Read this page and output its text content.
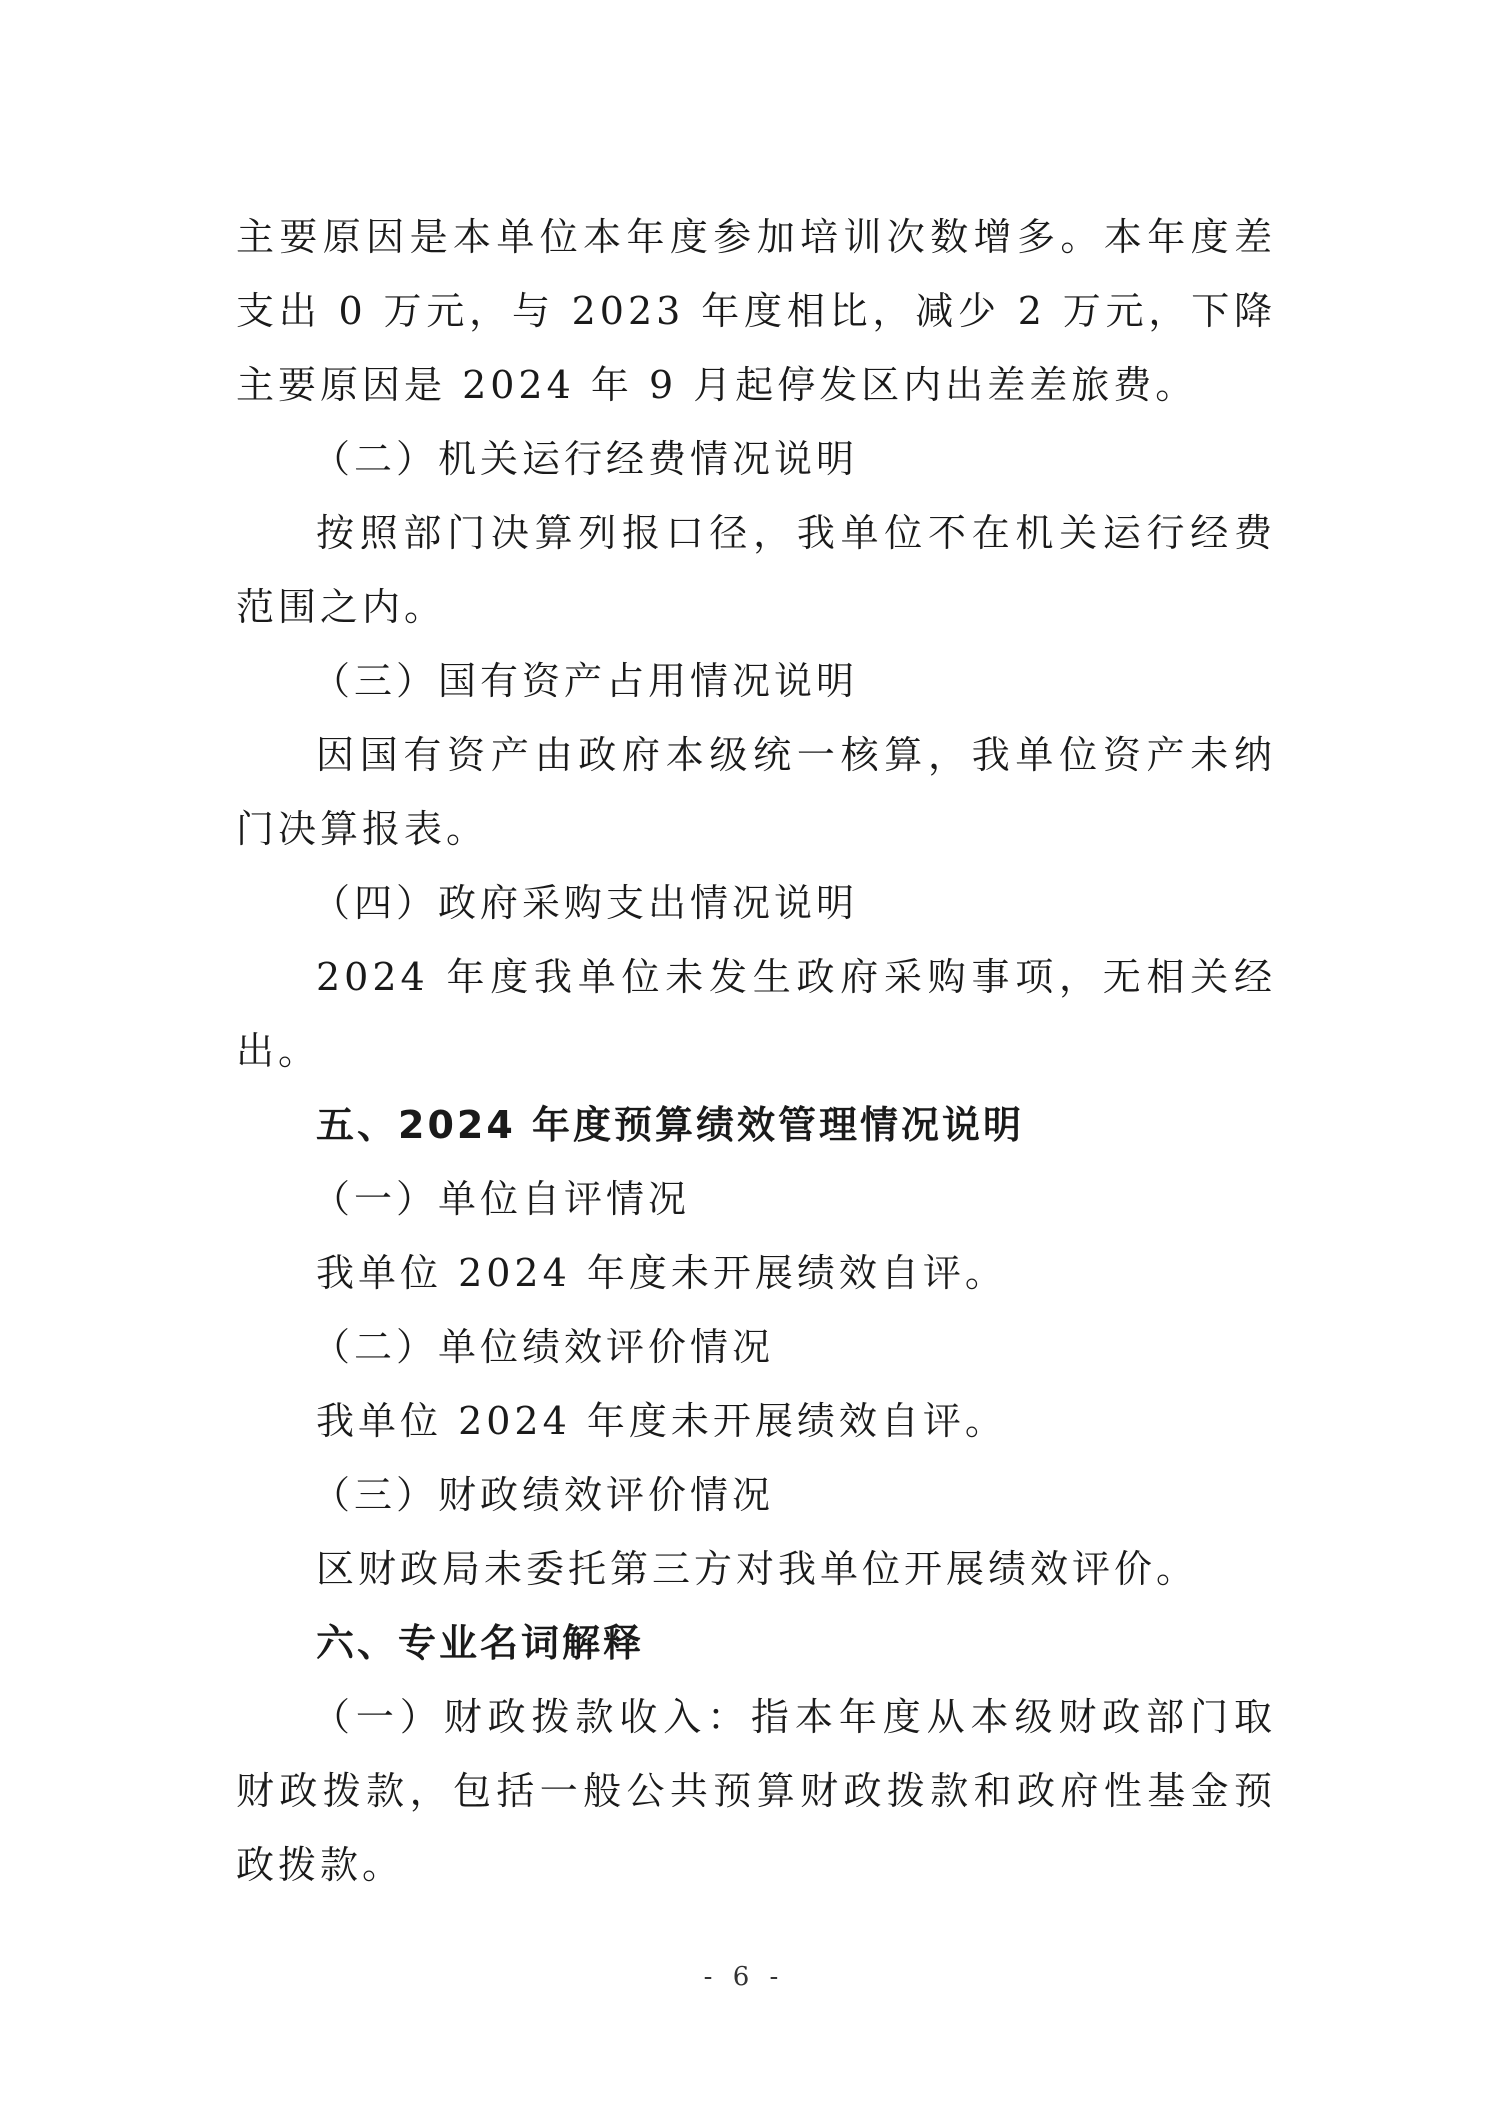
主要原因是本单位本年度参加培训次数增多。本年度差
支出 0 万元，与 2023 年度相比，减少 2 万元，下降
主要原因是 2024 年 9 月起停发区内出差差旅费。
（二）机关运行经费情况说明
按照部门决算列报口径，我单位不在机关运行经费
范围之内。
（三）国有资产占用情况说明
因国有资产由政府本级统一核算，我单位资产未纳
门决算报表。
（四）政府采购支出情况说明
2024 年度我单位未发生政府采购事项，无相关经
出。
五、2024 年度预算绩效管理情况说明
（一）单位自评情况
我单位 2024 年度未开展绩效自评。
（二）单位绩效评价情况
我单位 2024 年度未开展绩效自评。
（三）财政绩效评价情况
区财政局未委托第三方对我单位开展绩效评价。
六、专业名词解释
（一）财政拨款收入：指本年度从本级财政部门取
财政拨款，包括一般公共预算财政拨款和政府性基金预
政拨款。
- 6 -
